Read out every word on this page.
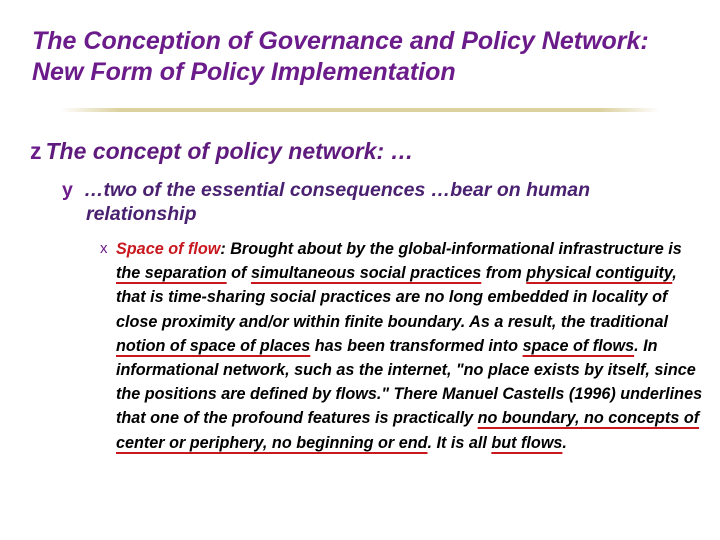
The Conception of Governance and Policy Network: New Form of Policy Implementation
z The concept of policy network: …
y …two of the essential consequences …bear on human relationship
x Space of flow: Brought about by the global-informational infrastructure is the separation of simultaneous social practices from physical contiguity, that is time-sharing social practices are no long embedded in locality of close proximity and/or within finite boundary. As a result, the traditional notion of space of places has been transformed into space of flows. In informational network, such as the internet, "no place exists by itself, since the positions are defined by flows." There Manuel Castells (1996) underlines that one of the profound features is practically no boundary, no concepts of center or periphery, no beginning or end. It is all but flows.
